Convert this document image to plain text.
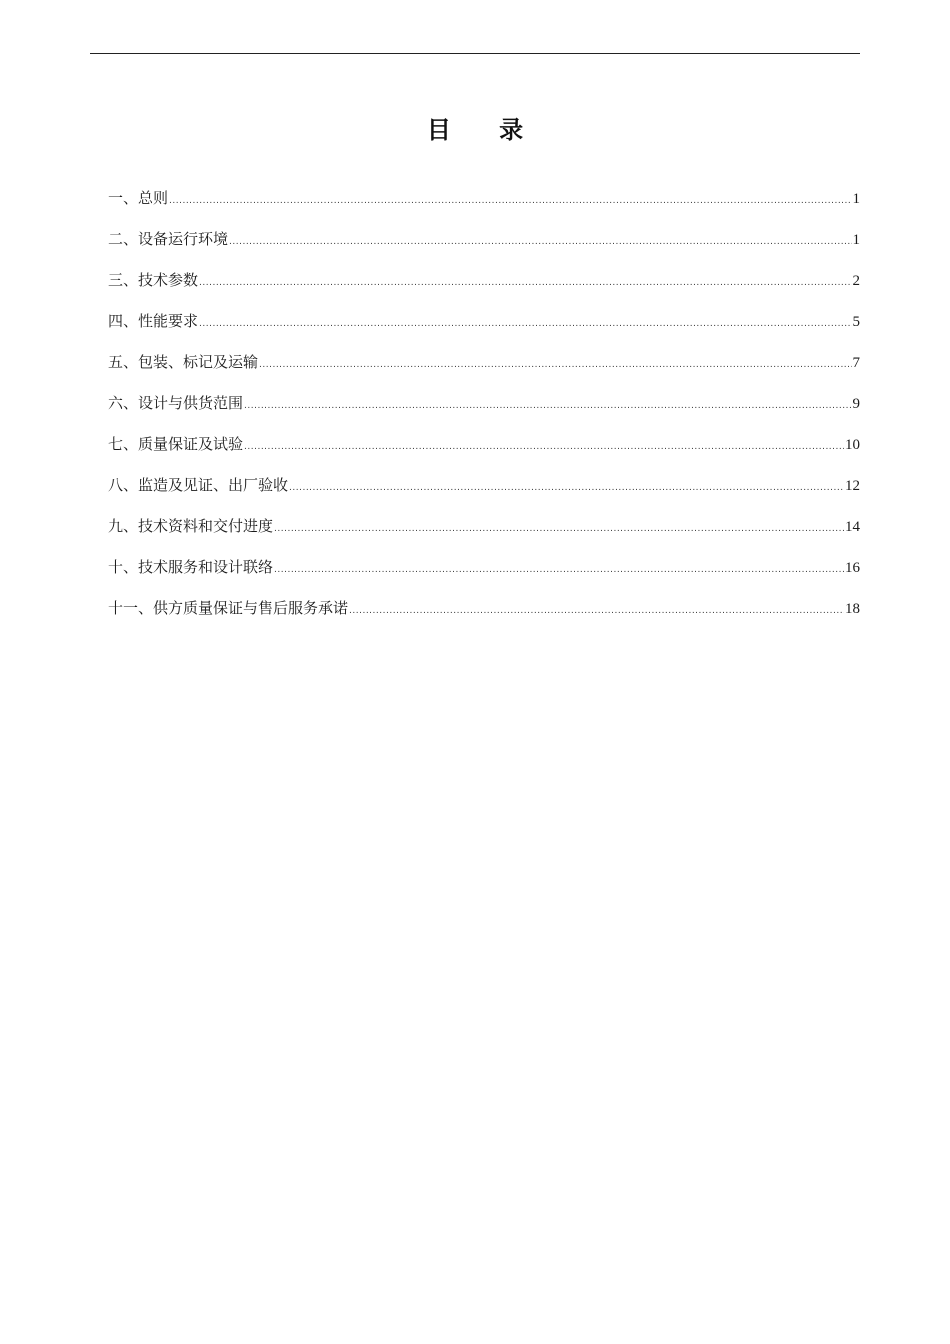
目 录
一、总则 .....	1
二、设备运行环境 .....	1
三、技术参数 .....	2
四、性能要求 .....	5
五、包装、标记及运输 .....	7
六、设计与供货范围 .....	9
七、质量保证及试验 .....	10
八、监造及见证、出厂验收 .....	12
九、技术资料和交付进度 .....	14
十、技术服务和设计联络 .....	16
十一、供方质量保证与售后服务承诺 .....	18
